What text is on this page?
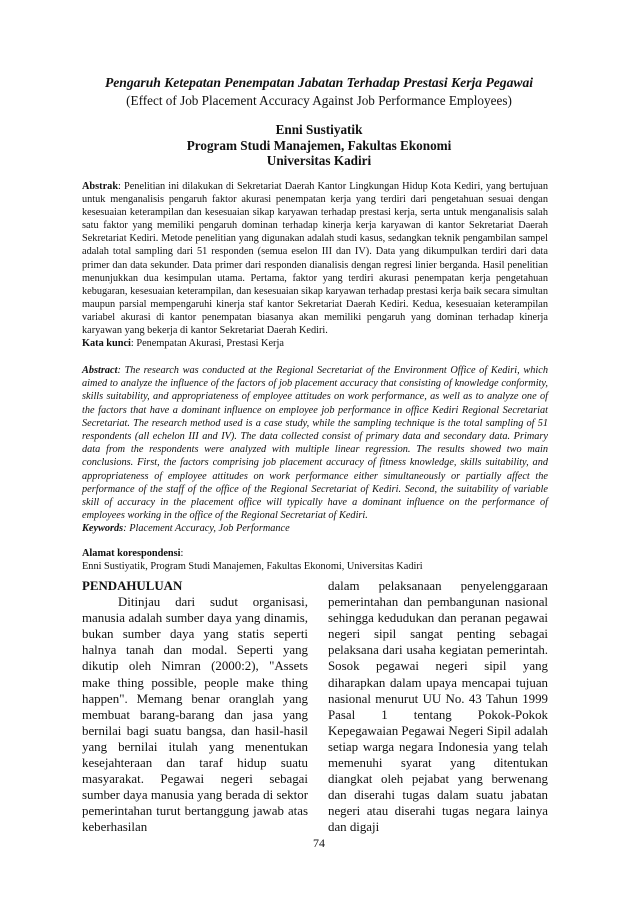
Pengaruh Ketepatan Penempatan Jabatan Terhadap Prestasi Kerja Pegawai
(Effect of Job Placement Accuracy Against Job Performance Employees)
Enni Sustiyatik
Program Studi Manajemen, Fakultas Ekonomi
Universitas Kadiri

Abstrak: Penelitian ini dilakukan di Sekretariat Daerah Kantor Lingkungan Hidup Kota Kediri, yang bertujuan untuk menganalisis pengaruh faktor akurasi penempatan kerja yang terdiri dari pengetahuan sesuai dengan kesesuaian keterampilan dan kesesuaian sikap karyawan terhadap prestasi kerja, serta untuk menganalisis salah satu faktor yang memiliki pengaruh dominan terhadap kinerja kerja karyawan di kantor Sekretariat Daerah Sekretariat Kediri. Metode penelitian yang digunakan adalah studi kasus, sedangkan teknik pengambilan sampel adalah total sampling dari 51 responden (semua eselon III dan IV). Data yang dikumpulkan terdiri dari data primer dan data sekunder. Data primer dari responden dianalisis dengan regresi linier berganda. Hasil penelitian menunjukkan dua kesimpulan utama. Pertama, faktor yang terdiri akurasi penempatan kerja pengetahuan kebugaran, kesesuaian keterampilan, dan kesesuaian sikap karyawan terhadap prestasi kerja baik secara simultan maupun parsial mempengaruhi kinerja staf kantor Sekretariat Daerah Kediri. Kedua, kesesuaian keterampilan variabel akurasi di kantor penempatan biasanya akan memiliki pengaruh yang dominan terhadap kinerja karyawan yang bekerja di kantor Sekretariat Daerah Kediri.

Kata kunci: Penempatan Akurasi, Prestasi Kerja

Abstract: The research was conducted at the Regional Secretariat of the Environment Office of Kediri, which aimed to analyze the influence of the factors of job placement accuracy that consisting of knowledge conformity, skills suitability, and appropriateness of employee attitudes on work performance, as well as to analyze one of the factors that have a dominant influence on employee job performance in office Kediri Regional Secretariat Secretariat. The research method used is a case study, while the sampling technique is the total sampling of 51 respondents (all echelon III and IV). The data collected consist of primary data and secondary data. Primary data from the respondents were analyzed with multiple linear regression. The results showed two main conclusions. First, the factors comprising job placement accuracy of fitness knowledge, skills suitability, and appropriateness of employee attitudes on work performance either simultaneously or partially affect the performance of the staff of the office of the Regional Secretariat of Kediri. Second, the suitability of variable skill of accuracy in the placement office will typically have a dominant influence on the performance of employees working in the office of the Regional Secretariat of Kediri.

Keywords: Placement Accuracy, Job Performance

Alamat korespondensi:
Enni Sustiyatik, Program Studi Manajemen, Fakultas Ekonomi, Universitas Kadiri
PENDAHULUAN

Ditinjau dari sudut organisasi, manusia adalah sumber daya yang dinamis, bukan sumber daya yang statis seperti halnya tanah dan modal. Seperti yang dikutip oleh Nimran (2000:2), "Assets make thing possible, people make thing happen". Memang benar oranglah yang membuat barang-barang dan jasa yang bernilai bagi suatu bangsa, dan hasil-hasil yang bernilai itulah yang menentukan kesejahteraan dan taraf hidup suatu masyarakat. Pegawai negeri sebagai sumber daya manusia yang berada di sektor pemerintahan turut bertanggung jawab atas keberhasilan

dalam pelaksanaan penyelenggaraan pemerintahan dan pembangunan nasional sehingga kedudukan dan peranan pegawai negeri sipil sangat penting sebagai pelaksana dari usaha kegiatan pemerintah. Sosok pegawai negeri sipil yang diharapkan dalam upaya mencapai tujuan nasional menurut UU No. 43 Tahun 1999 Pasal 1 tentang Pokok-Pokok Kepegawaian Pegawai Negeri Sipil adalah setiap warga negara Indonesia yang telah memenuhi syarat yang ditentukan diangkat oleh pejabat yang berwenang dan diserahi tugas dalam suatu jabatan negeri atau diserahi tugas negara lainya dan digaji

74
